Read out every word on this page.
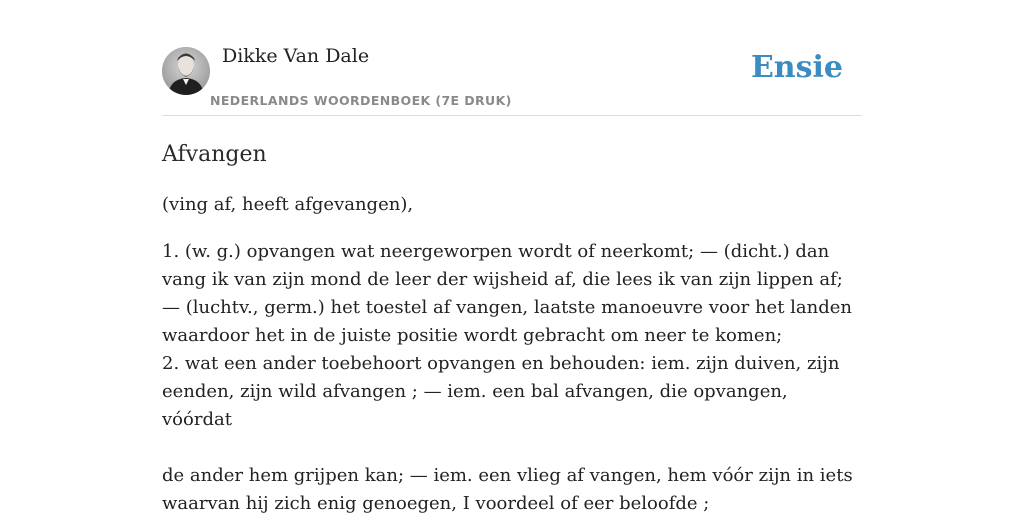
Dikke Van Dale
NEDERLANDS WOORDENBOEK (7E DRUK)
Ensie
Afvangen
(ving af, heeft afgevangen),

1. (w. g.) opvangen wat neergeworpen wordt of neerkomt; — (dicht.) dan vang ik van zijn mond de leer der wijsheid af, die lees ik van zijn lippen af; — (luchtv., germ.) het toestel af vangen, laatste manoeuvre voor het landen waardoor het in de juiste positie wordt gebracht om neer te komen;

2. wat een ander toebehoort opvangen en behouden: iem. zijn duiven, zijn eenden, zijn wild afvangen ; — iem. een bal afvangen, die opvangen, vóórdat

de ander hem grijpen kan; — iem. een vlieg af vangen, hem vóór zijn in iets waarvan hij zich enig genoegen, I voordeel of eer beloofde ;
